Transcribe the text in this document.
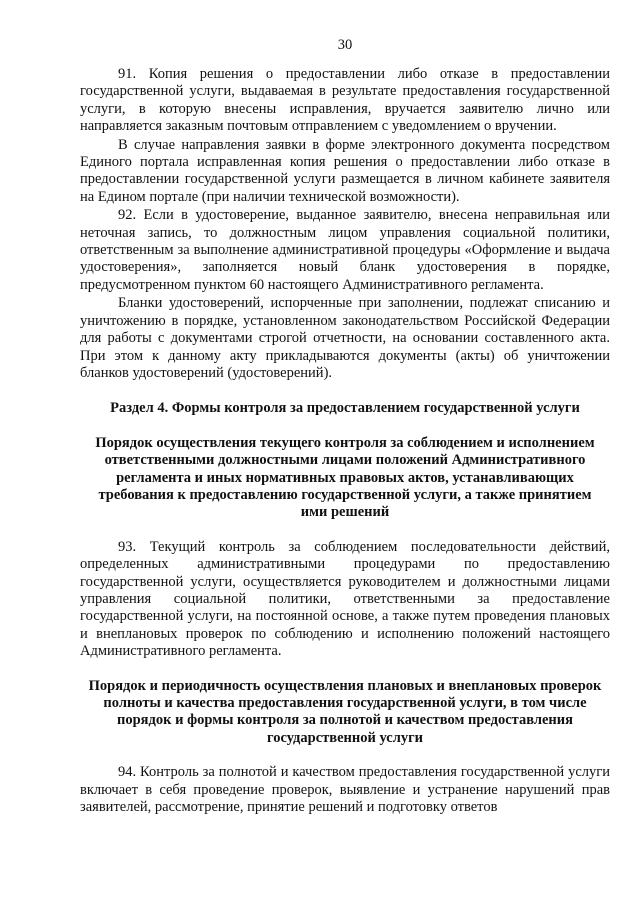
30

91. Копия решения о предоставлении либо отказе в предоставлении государственной услуги, выдаваемая в результате предоставления государственной услуги, в которую внесены исправления, вручается заявителю лично или направляется заказным почтовым отправлением с уведомлением о вручении.

В случае направления заявки в форме электронного документа посредством Единого портала исправленная копия решения о предоставлении либо отказе в предоставлении государственной услуги размещается в личном кабинете заявителя на Едином портале (при наличии технической возможности).

92. Если в удостоверение, выданное заявителю, внесена неправильная или неточная запись, то должностным лицом управления социальной политики, ответственным за выполнение административной процедуры «Оформление и выдача удостоверения», заполняется новый бланк удостоверения в порядке, предусмотренном пунктом 60 настоящего Административного регламента.

Бланки удостоверений, испорченные при заполнении, подлежат списанию и уничтожению в порядке, установленном законодательством Российской Федерации для работы с документами строгой отчетности, на основании составленного акта. При этом к данному акту прикладываются документы (акты) об уничтожении бланков удостоверений (удостоверений).

Раздел 4. Формы контроля за предоставлением государственной услуги
Порядок осуществления текущего контроля за соблюдением и исполнением ответственными должностными лицами положений Административного регламента и иных нормативных правовых актов, устанавливающих требования к предоставлению государственной услуги, а также принятием ими решений

93. Текущий контроль за соблюдением последовательности действий, определенных административными процедурами по предоставлению государственной услуги, осуществляется руководителем и должностными лицами управления социальной политики, ответственными за предоставление государственной услуги, на постоянной основе, а также путем проведения плановых и внеплановых проверок по соблюдению и исполнению положений настоящего Административного регламента.

Порядок и периодичность осуществления плановых и внеплановых проверок полноты и качества предоставления государственной услуги, в том числе порядок и формы контроля за полнотой и качеством предоставления государственной услуги

94. Контроль за полнотой и качеством предоставления государственной услуги включает в себя проведение проверок, выявление и устранение нарушений прав заявителей, рассмотрение, принятие решений и подготовку ответов
